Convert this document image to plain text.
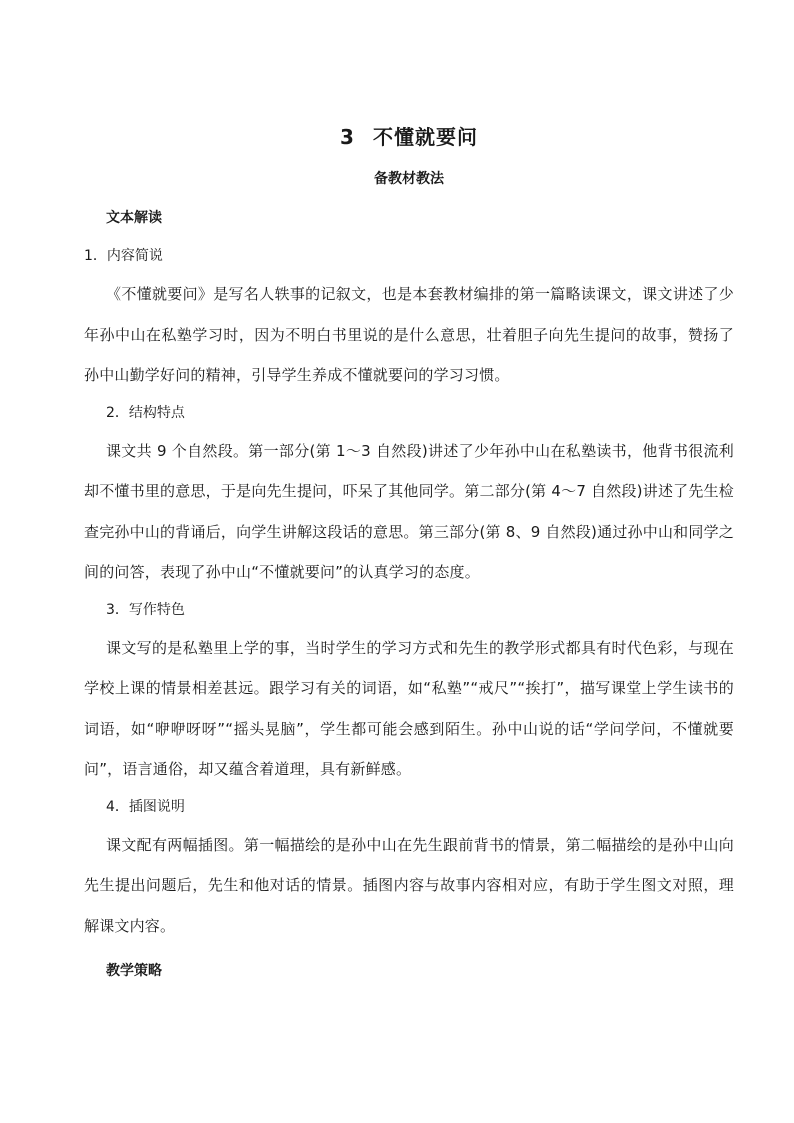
3 不懂就要问
备教材教法
文本解读
1．内容简说
《不懂就要问》是写名人轶事的记叙文，也是本套教材编排的第一篇略读课文，课文讲述了少年孙中山在私塾学习时，因为不明白书里说的是什么意思，壮着胆子向先生提问的故事，赞扬了孙中山勤学好问的精神，引导学生养成不懂就要问的学习习惯。
2．结构特点
课文共 9 个自然段。第一部分(第 1～3 自然段)讲述了少年孙中山在私塾读书，他背书很流利却不懂书里的意思，于是向先生提问，吓呆了其他同学。第二部分(第 4～7 自然段)讲述了先生检查完孙中山的背诵后，向学生讲解这段话的意思。第三部分(第 8、9 自然段)通过孙中山和同学之间的问答，表现了孙中山“不懂就要问”的认真学习的态度。
3．写作特色
课文写的是私塾里上学的事，当时学生的学习方式和先生的教学形式都具有时代色彩，与现在学校上课的情景相差甚远。跟学习有关的词语，如“私塾”“戒尺”“挨打”，描写课堂上学生读书的词语，如“咿咿呀呀”“摇头晃脑”，学生都可能会感到陌生。孙中山说的话“学问学问，不懂就要问”，语言通俗，却又蕴含着道理，具有新鲜感。
4．插图说明
课文配有两幅插图。第一幅描绘的是孙中山在先生跟前背书的情景，第二幅描绘的是孙中山向先生提出问题后，先生和他对话的情景。插图内容与故事内容相对应，有助于学生图文对照，理解课文内容。
教学策略
